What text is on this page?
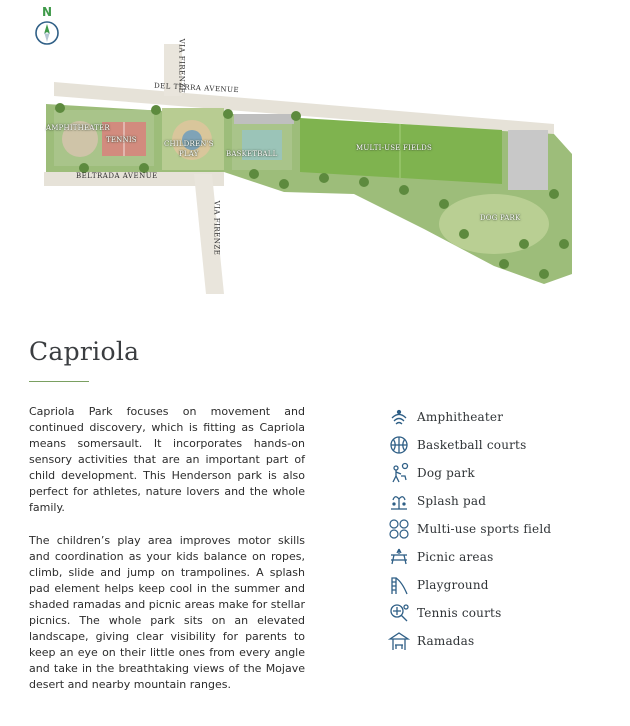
N
DEL TERRA AVENUE
BELTRADA AVENUE
VIA FIRENZE
VIA FIRENZE
AMPHITHEATER
TENNIS	CHILDREN'S
PLAY	BASKETBALL
MULTI-USE FIELDS
DOG PARK
Capriola

Capriola Park focuses on movement and continued discovery, which is fitting as Capriola means somersault. It incorporates hands-on sensory activities that are an important part of child development. This Henderson park is also perfect for athletes, nature lovers and the whole family.

The children’s play area improves motor skills and coordination as your kids balance on ropes, climb, slide and jump on trampolines. A splash pad element helps keep cool in the summer and shaded ramadas and picnic areas make for stellar picnics. The whole park sits on an elevated landscape, giving clear visibility for parents to keep an eye on their little ones from every angle and take in the breathtaking views of the Mojave desert and nearby mountain ranges.

Amphitheater
Basketball courts
Dog park
Splash pad
Multi-use sports field
Picnic areas
Playground
Tennis courts
Ramadas
